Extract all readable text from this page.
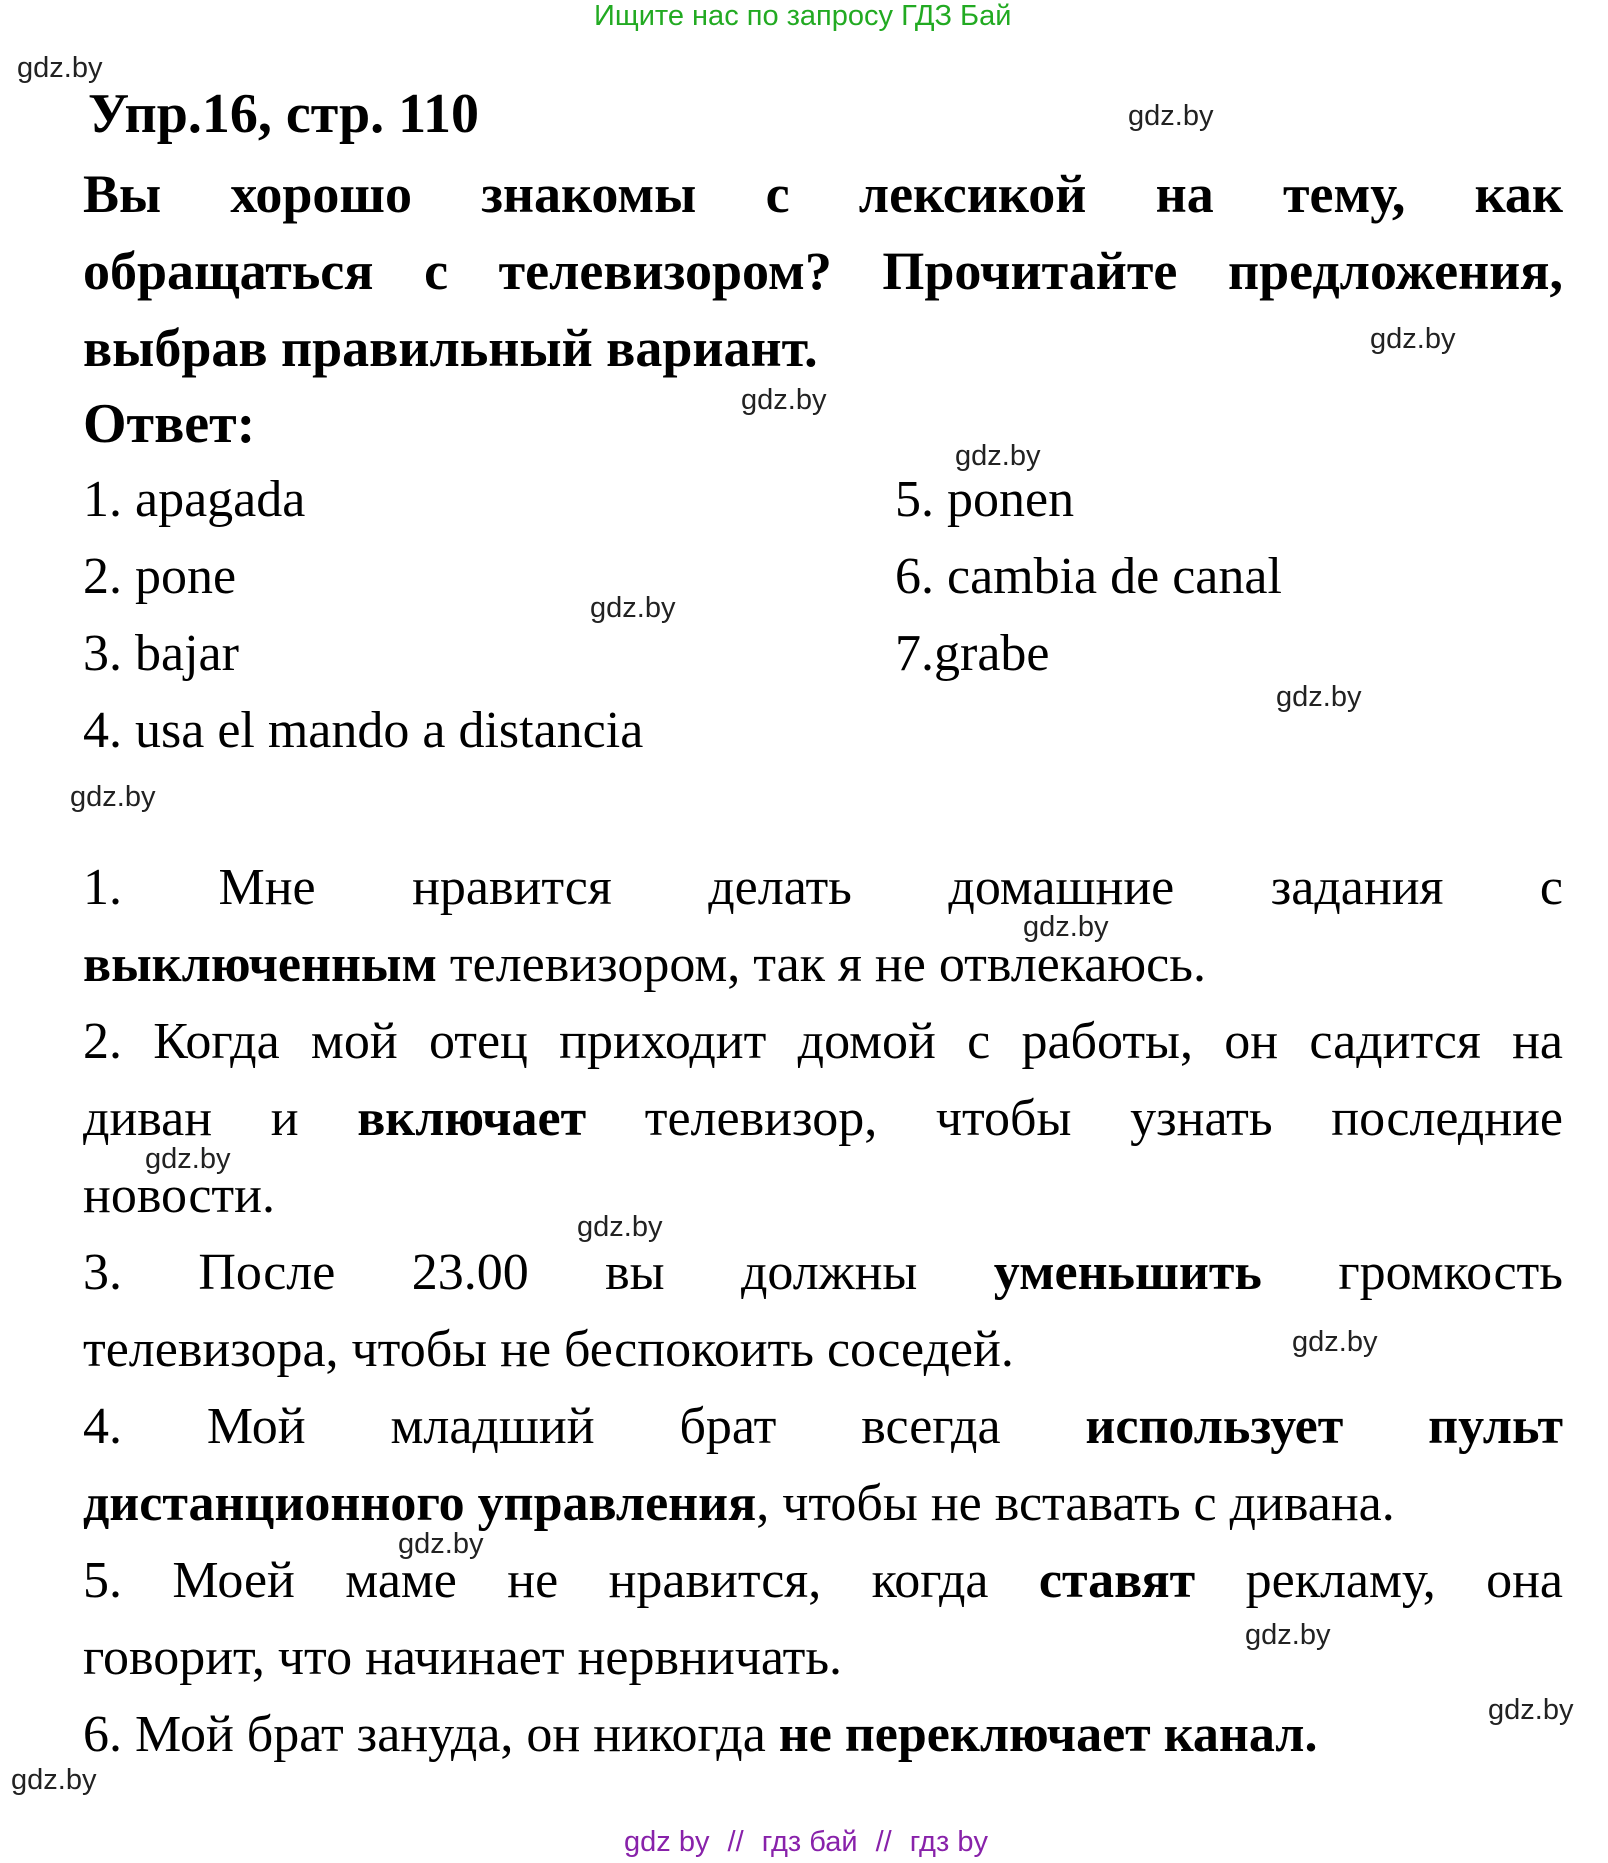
Ищите нас по запросу ГДЗ Бай
gdz.by
gdz.by
gdz.by
gdz.by
gdz.by
gdz.by
gdz.by
gdz.by
gdz.by
gdz.by
gdz.by
gdz.by
gdz.by
gdz.by
gdz.by
gdz.by
Упр.16, стр. 110
Вы хорошо знакомы с лексикой на тему, как
обращаться с телевизором? Прочитайте предложения,
выбрав правильный вариант.
Ответ:
1. apagada
2. pone
3. bajar
4. usa el mando a distancia
5. ponen
6. cambia de canal
7.grabe
1. Мне нравится делать домашние задания с
выключенным телевизором, так я не отвлекаюсь.
2. Когда мой отец приходит домой с работы, он садится на
диван и включает телевизор, чтобы узнать последние
новости.
3. После 23.00 вы должны уменьшить громкость
телевизора, чтобы не беспокоить соседей.
4. Мой младший брат всегда использует пульт
дистанционного управления, чтобы не вставать с дивана.
5. Моей маме не нравится, когда ставят рекламу, она
говорит, что начинает нервничать.
6. Мой брат зануда, он никогда не переключает канал.
gdz by // гдз бай // гдз by
